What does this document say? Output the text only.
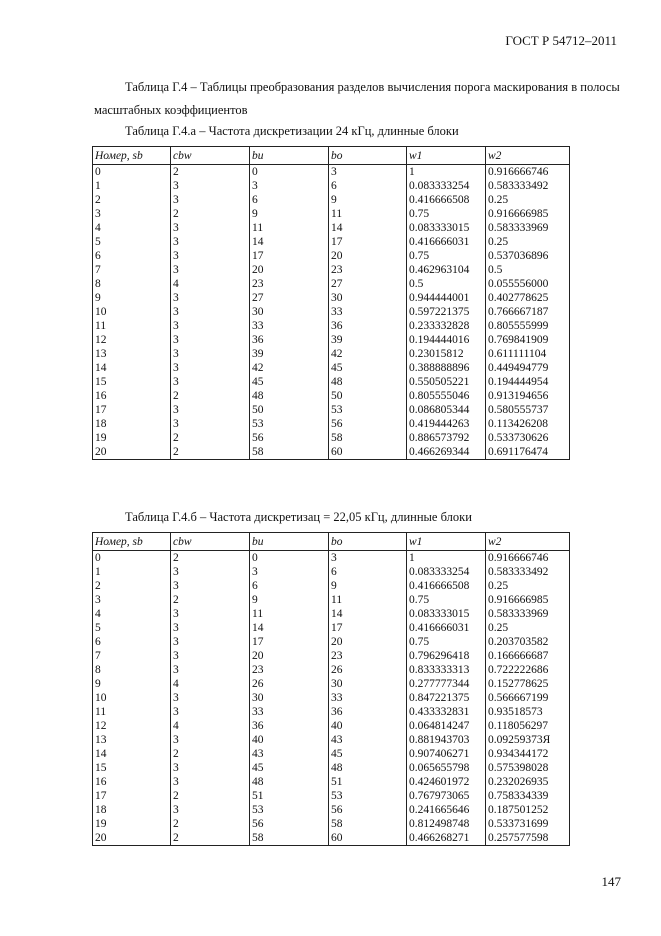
ГОСТ Р 54712–2011
Таблица Г.4 – Таблицы преобразования разделов вычисления порога маскирования в полосы масштабных коэффициентов
Таблица Г.4.а – Частота дискретизации 24 кГц, длинные блоки
Номер, sb	cbw	bu	bo	w1	w2
0	2	0	3	1	0.916666746
1	3	3	6	0.083333254	0.583333492
2	3	6	9	0.416666508	0.25
3	2	9	11	0.75	0.916666985
4	3	11	14	0.083333015	0.583333969
5	3	14	17	0.416666031	0.25
6	3	17	20	0.75	0.537036896
7	3	20	23	0.462963104	0.5
8	4	23	27	0.5	0.055556000
9	3	27	30	0.944444001	0.402778625
10	3	30	33	0.597221375	0.766667187
11	3	33	36	0.233332828	0.805555999
12	3	36	39	0.194444016	0.769841909
13	3	39	42	0.23015812	0.611111104
14	3	42	45	0.388888896	0.449494779
15	3	45	48	0.550505221	0.194444954
16	2	48	50	0.805555046	0.913194656
17	3	50	53	0.086805344	0.580555737
18	3	53	56	0.419444263	0.113426208
19	2	56	58	0.886573792	0.533730626
20	2	58	60	0.466269344	0.691176474
Таблица Г.4.б – Частота дискретизац = 22,05 кГц, длинные блоки
Номер, sb	cbw	bu	bo	w1	w2
0	2	0	3	1	0.916666746
1	3	3	6	0.083333254	0.583333492
2	3	6	9	0.416666508	0.25
3	2	9	11	0.75	0.916666985
4	3	11	14	0.083333015	0.583333969
5	3	14	17	0.416666031	0.25
6	3	17	20	0.75	0.203703582
7	3	20	23	0.796296418	0.166666687
8	3	23	26	0.833333313	0.722222686
9	4	26	30	0.277777344	0.152778625
10	3	30	33	0.847221375	0.566667199
11	3	33	36	0.433332831	0.93518573
12	4	36	40	0.064814247	0.118056297
13	3	40	43	0.881943703	0.09259373Я
14	2	43	45	0.907406271	0.934344172
15	3	45	48	0.065655798	0.575398028
16	3	48	51	0.424601972	0.232026935
17	2	51	53	0.767973065	0.758334339
18	3	53	56	0.241665646	0.187501252
19	2	56	58	0.812498748	0.533731699
20	2	58	60	0.466268271	0.257577598
147
